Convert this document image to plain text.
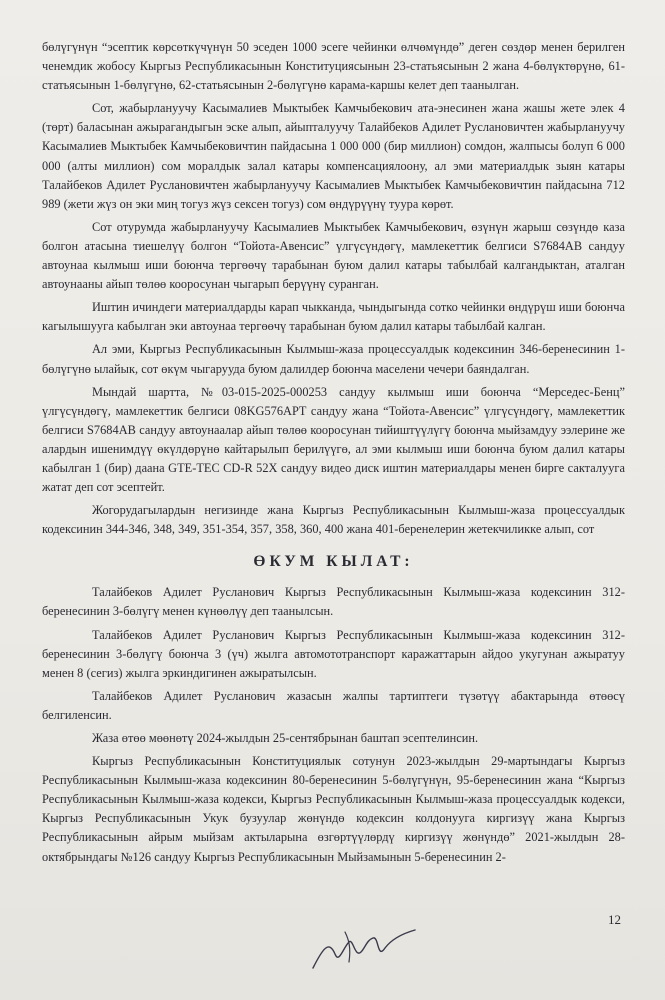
бөлүгүнүн “эсептик көрсөткүчүнүн 50 эседен 1000 эсеге чейинки өлчөмүндө” деген сөздөр менен берилген ченемдик жобосу Кыргыз Республикасынын Конституциясынын 23-статьясынын 2 жана 4-бөлүктөрүнө, 61-статьясынын 1-бөлүгүнө, 62-статьясынын 2-бөлүгүнө карама-каршы келет деп таанылган.

Сот, жабырлануучу Касымалиев Мыктыбек Камчыбекович ата-энесинен жана жашы жете элек 4 (төрт) баласынан ажырагандыгын эске алып, айыпталуучу Талайбеков Адилет Руслановичтен жабырлануучу Касымалиев Мыктыбек Камчыбековичтин пайдасына 1 000 000 (бир миллион) сомдон, жалпысы болуп 6 000 000 (алты миллион) сом моралдык залал катары компенсациялоону, ал эми материалдык зыян катары Талайбеков Адилет Руслановичтен жабырлануучу Касымалиев Мыктыбек Камчыбековичтин пайдасына 712 989 (жети жүз он эки миң тогуз жүз сексен тогуз) сом өндүрүүнү туура көрөт.

Сот отурумда жабырлануучу Касымалиев Мыктыбек Камчыбекович, өзүнүн жарыш сөзүндө каза болгон атасына тиешелүү болгон “Тойота-Авенсис” үлгүсүндөгү, мамлекеттик белгиси S7684AB сандуу автоунаа кылмыш иши боюнча тергөөчү тарабынан буюм далил катары табылбай калгандыктан, аталган автоунааны айып төлөө кооросунан чыгарып берүүнү суранган.

Иштин ичиндеги материалдарды карап чыкканда, чындыгында сотко чейинки өндүрүш иши боюнча кагылышууга кабылган эки автоунаа тергөөчү тарабынан буюм далил катары табылбай калган.

Ал эми, Кыргыз Республикасынын Кылмыш-жаза процессуалдык кодексинин 346-беренесинин 1-бөлүгүнө ылайык, сот өкүм чыгарууда буюм далилдер боюнча маселени чечери баяндалган.

Мындай шартта, №03-015-2025-000253 сандуу кылмыш иши боюнча “Мерседес-Бенц” үлгүсүндөгү, мамлекеттик белгиси 08KG576APT сандуу жана “Тойота-Авенсис” үлгүсүндөгү, мамлекеттик белгиси S7684AB сандуу автоунаалар айып төлөө кооросунан тийиштүүлүгү боюнча мыйзамдуу ээлерине же алардын ишенимдүү өкүлдөрүнө кайтарылып берилүүгө, ал эми кылмыш иши боюнча буюм далил катары кабылган 1 (бир) даана GTE-TEC CD-R 52X сандуу видео диск иштин материалдары менен бирге сакталууга жатат деп сот эсептейт.

Жогорудагылардын негизинде жана Кыргыз Республикасынын Кылмыш-жаза процессуалдык кодексинин 344-346, 348, 349, 351-354, 357, 358, 360, 400 жана 401-беренелерин жетекчиликке алып, сот

ӨКУМ КЫЛАТ:

Талайбеков Адилет Русланович Кыргыз Республикасынын Кылмыш-жаза кодексинин 312-беренесинин 3-бөлүгү менен күнөөлүү деп таанылсын.

Талайбеков Адилет Русланович Кыргыз Республикасынын Кылмыш-жаза кодексинин 312-беренесинин 3-бөлүгү боюнча 3 (үч) жылга автомототранспорт каражаттарын айдоо укугунан ажыратуу менен 8 (сегиз) жылга эркиндигинен ажыратылсын.

Талайбеков Адилет Русланович жазасын жалпы тартиптеги түзөтүү абактарында өтөөсү белгиленсин.

Жаза өтөө мөөнөтү 2024-жылдын 25-сентябрынан баштап эсептелинсин.

Кыргыз Республикасынын Конституциялык сотунун 2023-жылдын 29-мартындагы Кыргыз Республикасынын Кылмыш-жаза кодексинин 80-беренесинин 5-бөлүгүнүн, 95-беренесинин жана “Кыргыз Республикасынын Кылмыш-жаза кодекси, Кыргыз Республикасынын Кылмыш-жаза процессуалдык кодекси, Кыргыз Республикасынын Укук бузуулар жөнүндө кодексин колдонууга киргизүү жана Кыргыз Республикасынын айрым мыйзам актыларына өзгөртүүлөрдү киргизүү жөнүндө” 2021-жылдын 28-октябрындагы №126 сандуу Кыргыз Республикасынын Мыйзамынын 5-беренесинин 2-

12
